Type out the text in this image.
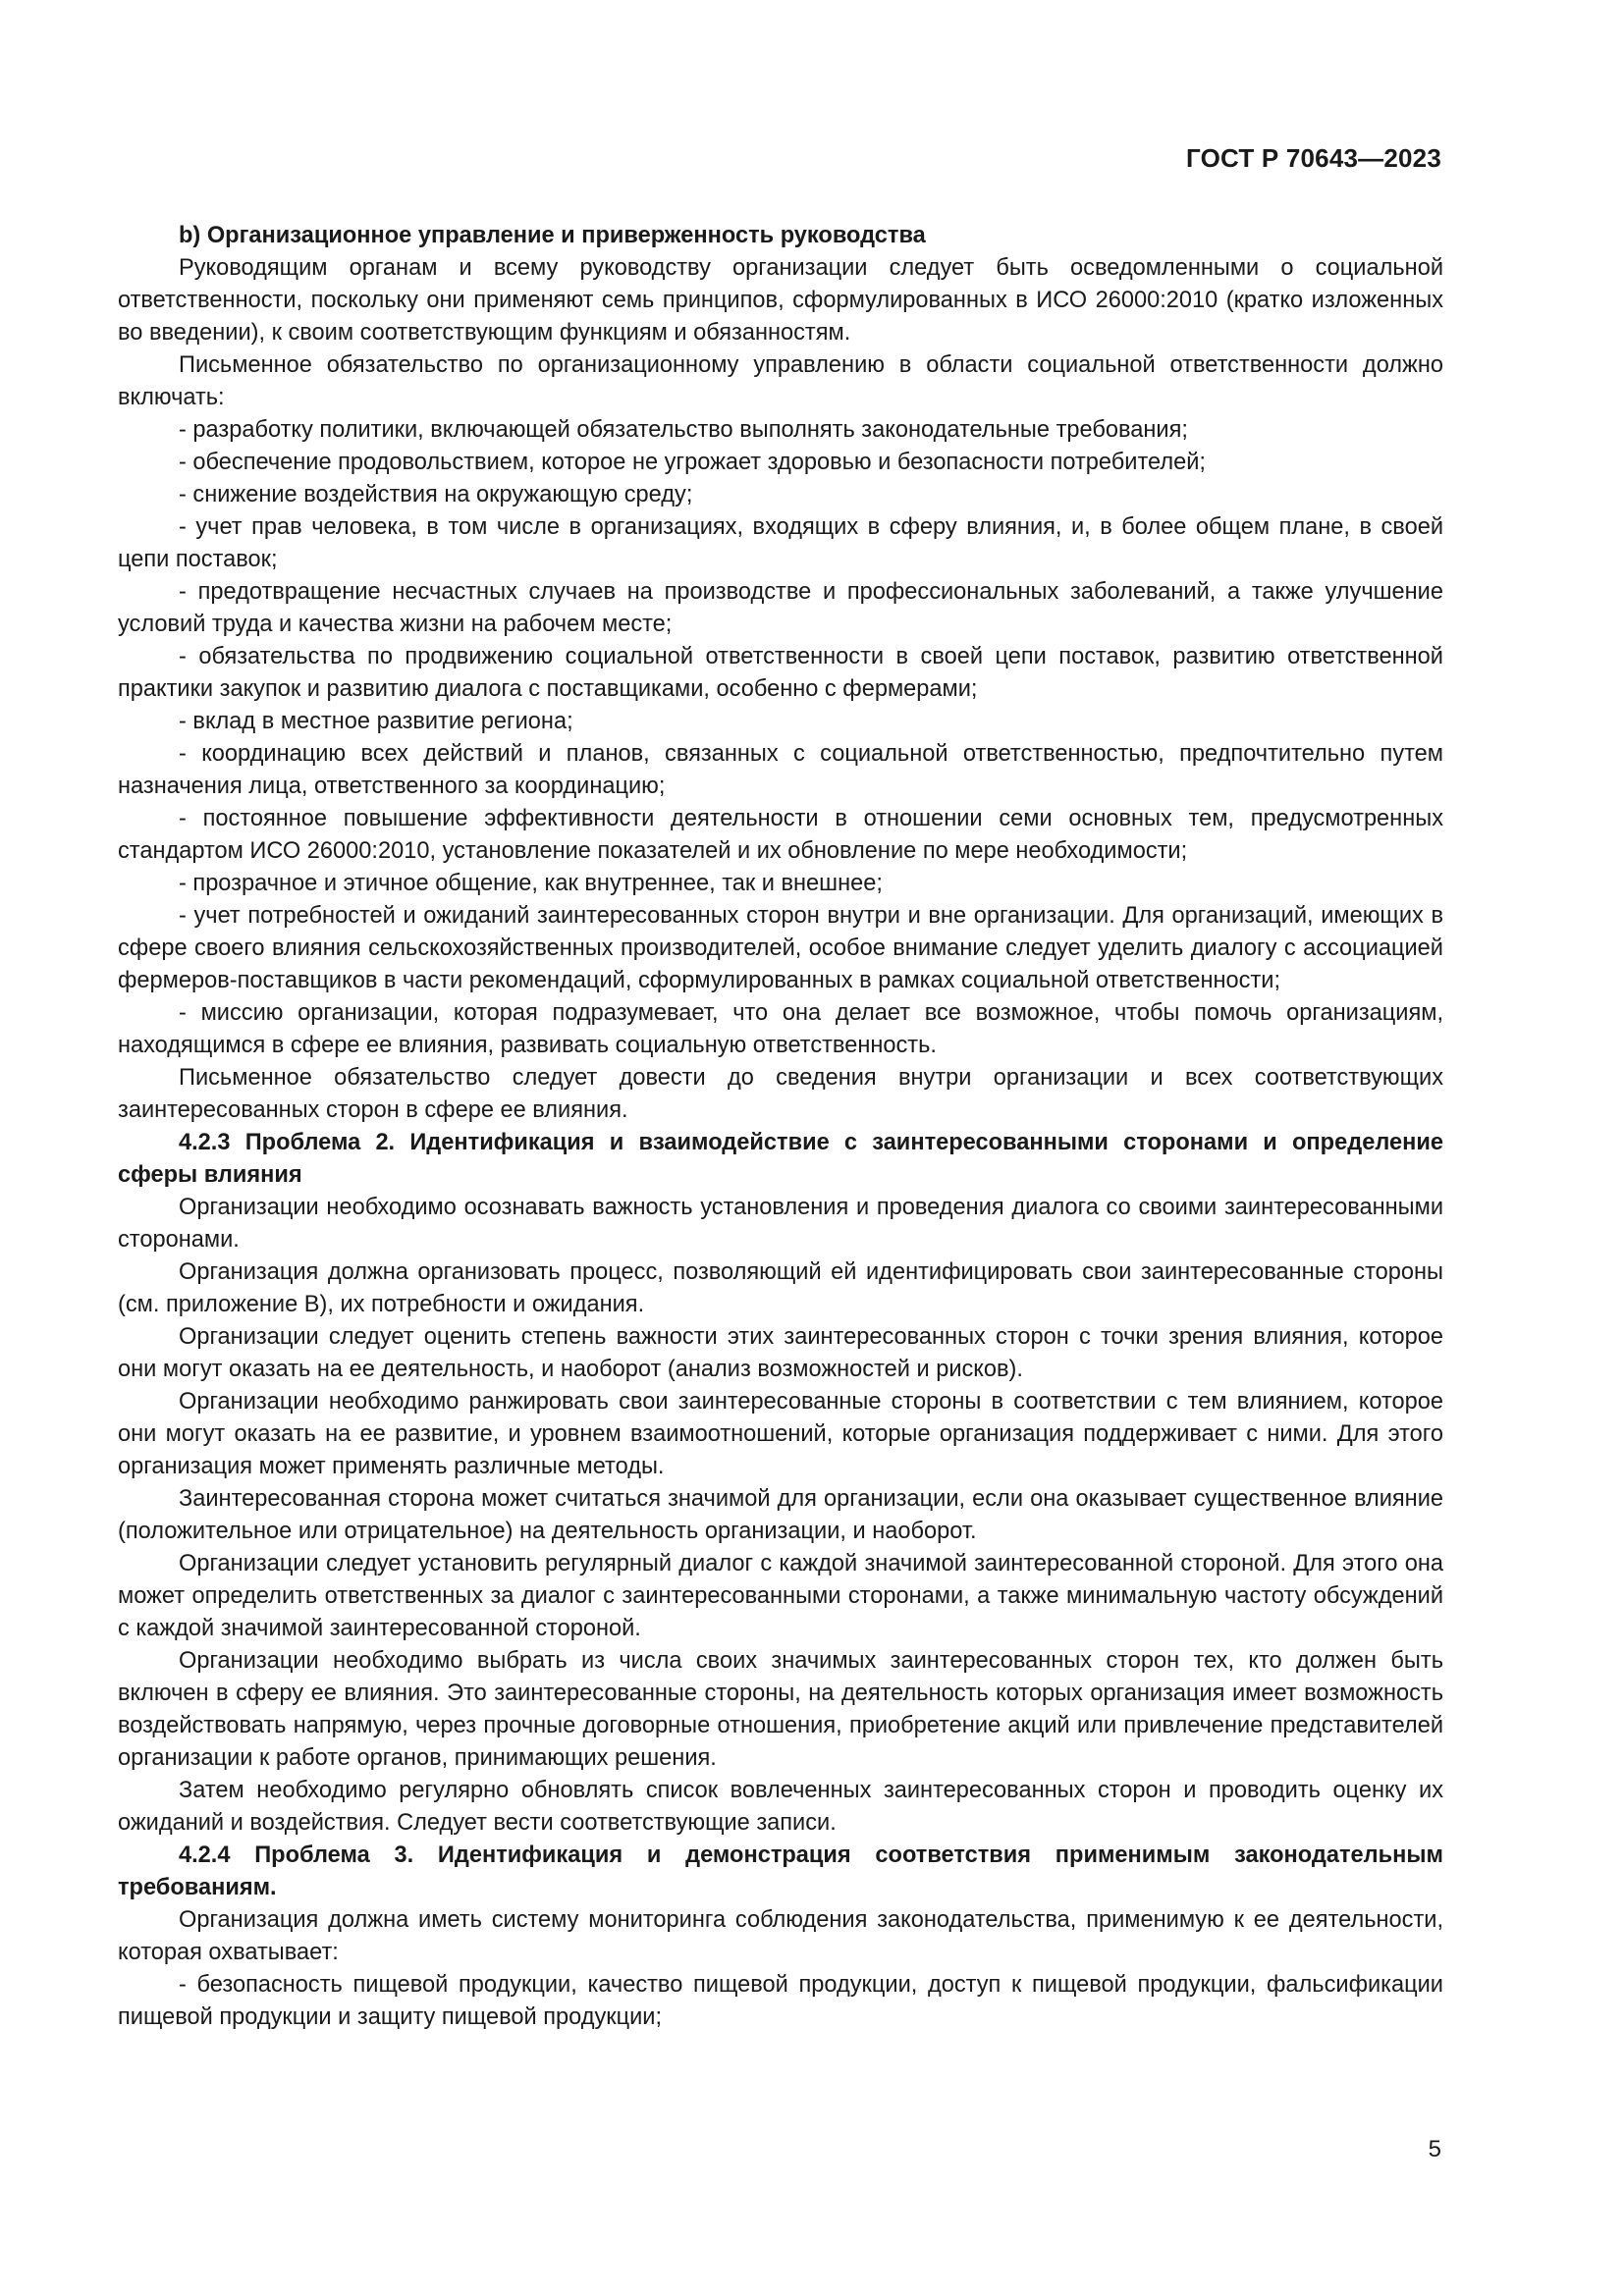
ГОСТ Р 70643—2023

b) Организационное управление и приверженность руководства

Руководящим органам и всему руководству организации следует быть осведомленными о социальной ответственности, поскольку они применяют семь принципов, сформулированных в ИСО 26000:2010 (кратко изложенных во введении), к своим соответствующим функциям и обязанностям.

Письменное обязательство по организационному управлению в области социальной ответственности должно включать:

- разработку политики, включающей обязательство выполнять законодательные требования;

- обеспечение продовольствием, которое не угрожает здоровью и безопасности потребителей;

- снижение воздействия на окружающую среду;

- учет прав человека, в том числе в организациях, входящих в сферу влияния, и, в более общем плане, в своей цепи поставок;

- предотвращение несчастных случаев на производстве и профессиональных заболеваний, а также улучшение условий труда и качества жизни на рабочем месте;

- обязательства по продвижению социальной ответственности в своей цепи поставок, развитию ответственной практики закупок и развитию диалога с поставщиками, особенно с фермерами;

- вклад в местное развитие региона;

- координацию всех действий и планов, связанных с социальной ответственностью, предпочтительно путем назначения лица, ответственного за координацию;

- постоянное повышение эффективности деятельности в отношении семи основных тем, предусмотренных стандартом ИСО 26000:2010, установление показателей и их обновление по мере необходимости;

- прозрачное и этичное общение, как внутреннее, так и внешнее;

- учет потребностей и ожиданий заинтересованных сторон внутри и вне организации. Для организаций, имеющих в сфере своего влияния сельскохозяйственных производителей, особое внимание следует уделить диалогу с ассоциацией фермеров-поставщиков в части рекомендаций, сформулированных в рамках социальной ответственности;

- миссию организации, которая подразумевает, что она делает все возможное, чтобы помочь организациям, находящимся в сфере ее влияния, развивать социальную ответственность.

Письменное обязательство следует довести до сведения внутри организации и всех соответствующих заинтересованных сторон в сфере ее влияния.

4.2.3 Проблема 2. Идентификация и взаимодействие с заинтересованными сторонами и определение сферы влияния

Организации необходимо осознавать важность установления и проведения диалога со своими заинтересованными сторонами.

Организация должна организовать процесс, позволяющий ей идентифицировать свои заинтересованные стороны (см. приложение В), их потребности и ожидания.

Организации следует оценить степень важности этих заинтересованных сторон с точки зрения влияния, которое они могут оказать на ее деятельность, и наоборот (анализ возможностей и рисков).

Организации необходимо ранжировать свои заинтересованные стороны в соответствии с тем влиянием, которое они могут оказать на ее развитие, и уровнем взаимоотношений, которые организация поддерживает с ними. Для этого организация может применять различные методы.

Заинтересованная сторона может считаться значимой для организации, если она оказывает существенное влияние (положительное или отрицательное) на деятельность организации, и наоборот.

Организации следует установить регулярный диалог с каждой значимой заинтересованной стороной. Для этого она может определить ответственных за диалог с заинтересованными сторонами, а также минимальную частоту обсуждений с каждой значимой заинтересованной стороной.

Организации необходимо выбрать из числа своих значимых заинтересованных сторон тех, кто должен быть включен в сферу ее влияния. Это заинтересованные стороны, на деятельность которых организация имеет возможность воздействовать напрямую, через прочные договорные отношения, приобретение акций или привлечение представителей организации к работе органов, принимающих решения.

Затем необходимо регулярно обновлять список вовлеченных заинтересованных сторон и проводить оценку их ожиданий и воздействия. Следует вести соответствующие записи.

4.2.4 Проблема 3. Идентификация и демонстрация соответствия применимым законодательным требованиям.

Организация должна иметь систему мониторинга соблюдения законодательства, применимую к ее деятельности, которая охватывает:

- безопасность пищевой продукции, качество пищевой продукции, доступ к пищевой продукции, фальсификации пищевой продукции и защиту пищевой продукции;

5
